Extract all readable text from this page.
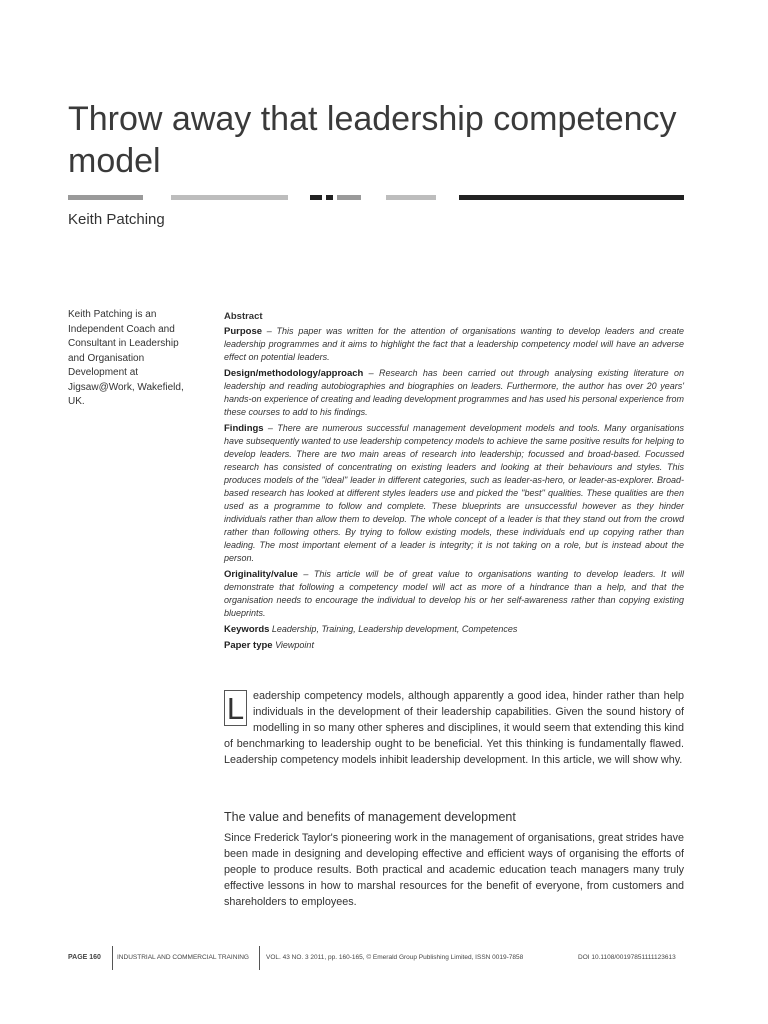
Throw away that leadership competency model
Keith Patching
Keith Patching is an Independent Coach and Consultant in Leadership and Organisation Development at Jigsaw@Work, Wakefield, UK.
Abstract
Purpose – This paper was written for the attention of organisations wanting to develop leaders and create leadership programmes and it aims to highlight the fact that a leadership competency model will have an adverse effect on potential leaders.
Design/methodology/approach – Research has been carried out through analysing existing literature on leadership and reading autobiographies and biographies on leaders. Furthermore, the author has over 20 years' hands-on experience of creating and leading development programmes and has used his personal experience from these courses to add to his findings.
Findings – There are numerous successful management development models and tools. Many organisations have subsequently wanted to use leadership competency models to achieve the same positive results for helping to develop leaders. There are two main areas of research into leadership; focussed and broad-based. Focussed research has consisted of concentrating on existing leaders and looking at their behaviours and styles. This produces models of the ''ideal'' leader in different categories, such as leader-as-hero, or leader-as-explorer. Broad-based research has looked at different styles leaders use and picked the ''best'' qualities. These qualities are then used as a programme to follow and complete. These blueprints are unsuccessful however as they hinder individuals rather than allow them to develop. The whole concept of a leader is that they stand out from the crowd rather than following others. By trying to follow existing models, these individuals end up copying rather than leading. The most important element of a leader is integrity; it is not taking on a role, but is instead about the person.
Originality/value – This article will be of great value to organisations wanting to develop leaders. It will demonstrate that following a competency model will act as more of a hindrance than a help, and that the organisation needs to encourage the individual to develop his or her self-awareness rather than copying existing blueprints.
Keywords Leadership, Training, Leadership development, Competences
Paper type Viewpoint
L eadership competency models, although apparently a good idea, hinder rather than help individuals in the development of their leadership capabilities. Given the sound history of modelling in so many other spheres and disciplines, it would seem that extending this kind of benchmarking to leadership ought to be beneficial. Yet this thinking is fundamentally flawed. Leadership competency models inhibit leadership development. In this article, we will show why.
The value and benefits of management development
Since Frederick Taylor's pioneering work in the management of organisations, great strides have been made in designing and developing effective and efficient ways of organising the efforts of people to produce results. Both practical and academic education teach managers many truly effective lessons in how to marshal resources for the benefit of everyone, from customers and shareholders to employees.
PAGE 160 INDUSTRIAL AND COMMERCIAL TRAINING	VOL. 43 NO. 3 2011, pp. 160-165, © Emerald Group Publishing Limited, ISSN 0019-7858	DOI 10.1108/00197851111123613
